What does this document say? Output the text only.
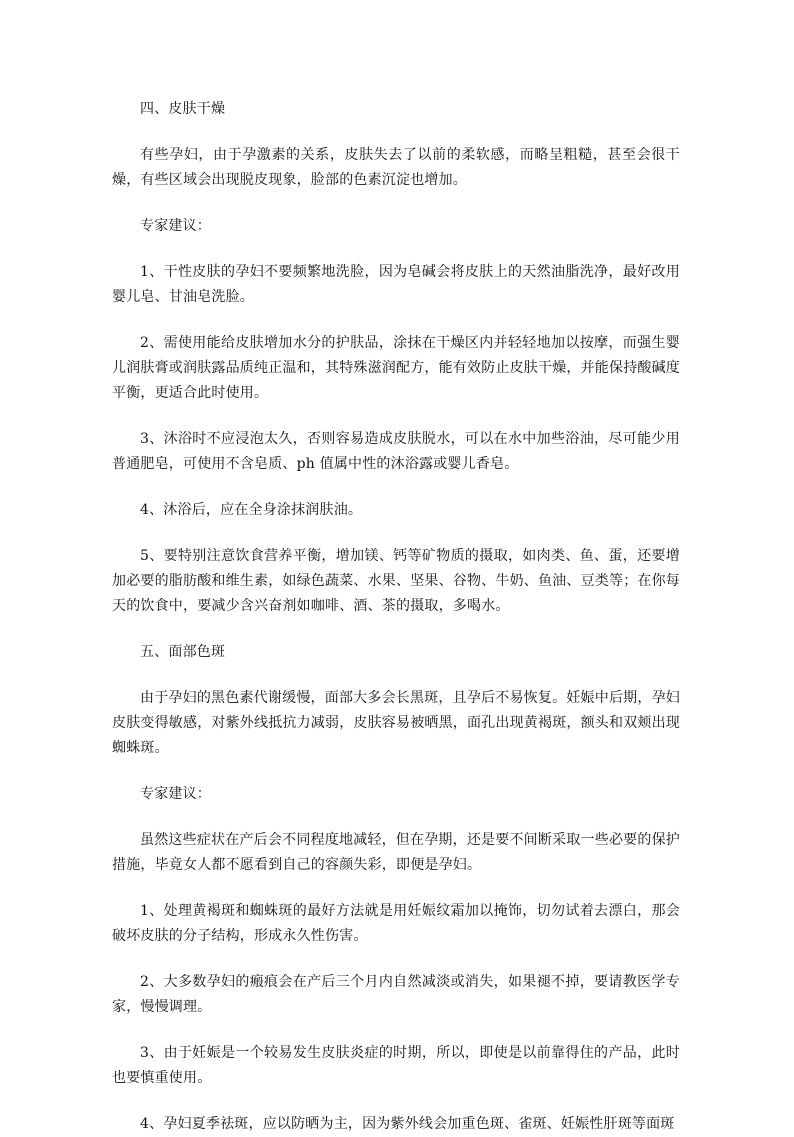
四、皮肤干燥

有些孕妇，由于孕激素的关系，皮肤失去了以前的柔软感，而略呈粗糙，甚至会很干燥，有些区域会出现脱皮现象，脸部的色素沉淀也增加。

专家建议：

1、干性皮肤的孕妇不要频繁地洗脸，因为皂碱会将皮肤上的天然油脂洗净，最好改用婴儿皂、甘油皂洗脸。

2、需使用能给皮肤增加水分的护肤品，涂抹在干燥区内并轻轻地加以按摩，而强生婴儿润肤膏或润肤露品质纯正温和，其特殊滋润配方，能有效防止皮肤干燥，并能保持酸碱度平衡，更适合此时使用。

3、沐浴时不应浸泡太久，否则容易造成皮肤脱水，可以在水中加些浴油，尽可能少用普通肥皂，可使用不含皂质、ph 值属中性的沐浴露或婴儿香皂。

4、沐浴后，应在全身涂抹润肤油。

5、要特别注意饮食营养平衡，增加镁、钙等矿物质的摄取，如肉类、鱼、蛋，还要增加必要的脂肪酸和维生素，如绿色蔬菜、水果、坚果、谷物、牛奶、鱼油、豆类等；在你每天的饮食中，要减少含兴奋剂如咖啡、酒、茶的摄取，多喝水。

五、面部色斑

由于孕妇的黑色素代谢缓慢，面部大多会长黑斑，且孕后不易恢复。妊娠中后期，孕妇皮肤变得敏感，对紫外线抵抗力减弱，皮肤容易被晒黑，面孔出现黄褐斑，额头和双颊出现蜘蛛斑。

专家建议：

虽然这些症状在产后会不同程度地减轻，但在孕期，还是要不间断采取一些必要的保护措施，毕竟女人都不愿看到自己的容颜失彩，即便是孕妇。

1、处理黄褐斑和蜘蛛斑的最好方法就是用妊娠纹霜加以掩饰，切勿试着去漂白，那会破坏皮肤的分子结构，形成永久性伤害。

2、大多数孕妇的瘢痕会在产后三个月内自然减淡或消失，如果褪不掉，要请教医学专家，慢慢调理。

3、由于妊娠是一个较易发生皮肤炎症的时期，所以，即使是以前靠得住的产品，此时也要慎重使用。

4、孕妇夏季祛斑，应以防晒为主，因为紫外线会加重色斑、雀斑、妊娠性肝斑等面斑
